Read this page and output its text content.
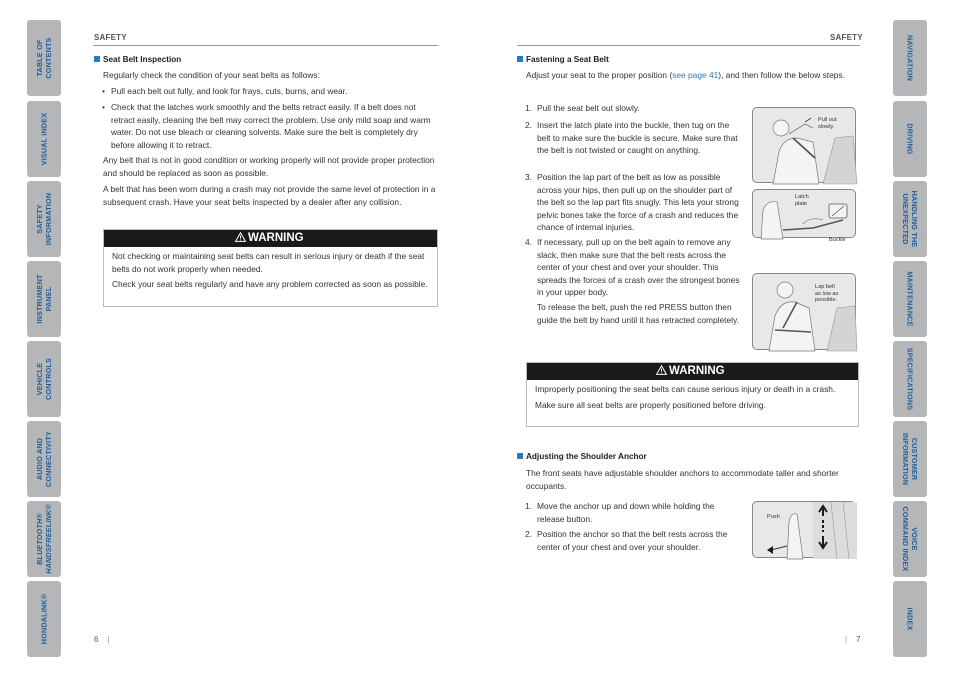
TABLE OF
CONTENTS
VISUAL INDEX
SAFETY
INFORMATION
INSTRUMENT
PANEL
VEHICLE
CONTROLS
AUDIO AND
CONNECTIVITY
BLUETOOTH®
HANDSFREELINK®
HONDALINK®
NAVIGATION
DRIVING
HANDLING THE
UNEXPECTED
MAINTENANCE
SPECIFICATIONS
CUSTOMER
INFORMATION
VOICE
COMMAND INDEX
INDEX
SAFETY
Seat Belt Inspection
Regularly check the condition of your seat belts as follows:
• Pull each belt out fully, and look for frays, cuts, burns, and wear.
• Check that the latches work smoothly and the belts retract easily. If a belt does not retract easily, cleaning the belt may correct the problem. Use only mild soap and warm water. Do not use bleach or cleaning solvents. Make sure the belt is completely dry before allowing it to retract.
Any belt that is not in good condition or working properly will not provide proper protection and should be replaced as soon as possible.
A belt that has been worn during a crash may not provide the same level of protection in a subsequent crash. Have your seat belts inspected by a dealer after any collision.
WARNING

Not checking or maintaining seat belts can result in serious injury or death if the seat belts do not work properly when needed.

Check your seat belts regularly and have any problem corrected as soon as possible.

6 |
SAFETY
Fastening a Seat Belt
Adjust your seat to the proper position (see page 41), and then follow the below steps.
1. Pull the seat belt out slowly.
2. Insert the latch plate into the buckle, then tug on the belt to make sure the buckle is secure. Make sure that the belt is not twisted or caught on anything.
3. Position the lap part of the belt as low as possible across your hips, then pull up on the shoulder part of the belt so the lap part fits snugly. This lets your strong pelvic bones take the force of a crash and reduces the chance of internal injuries.
4. If necessary, pull up on the belt again to remove any slack, then make sure that the belt rests across the center of your chest and over your shoulder. This spreads the forces of a crash over the strongest bones in your upper body.
To release the belt, push the red PRESS button then guide the belt by hand until it has retracted completely.
Pull out
slowly.
Latch
plate
Buckle
Lap belt
as low as
possible.
WARNING

Improperly positioning the seat belts can cause serious injury or death in a crash.

Make sure all seat belts are properly positioned before driving.

Adjusting the Shoulder Anchor
The front seats have adjustable shoulder anchors to accommodate taller and shorter occupants.
1. Move the anchor up and down while holding the release button.
2. Position the anchor so that the belt rests across the center of your chest and over your shoulder.
Push
| 7
